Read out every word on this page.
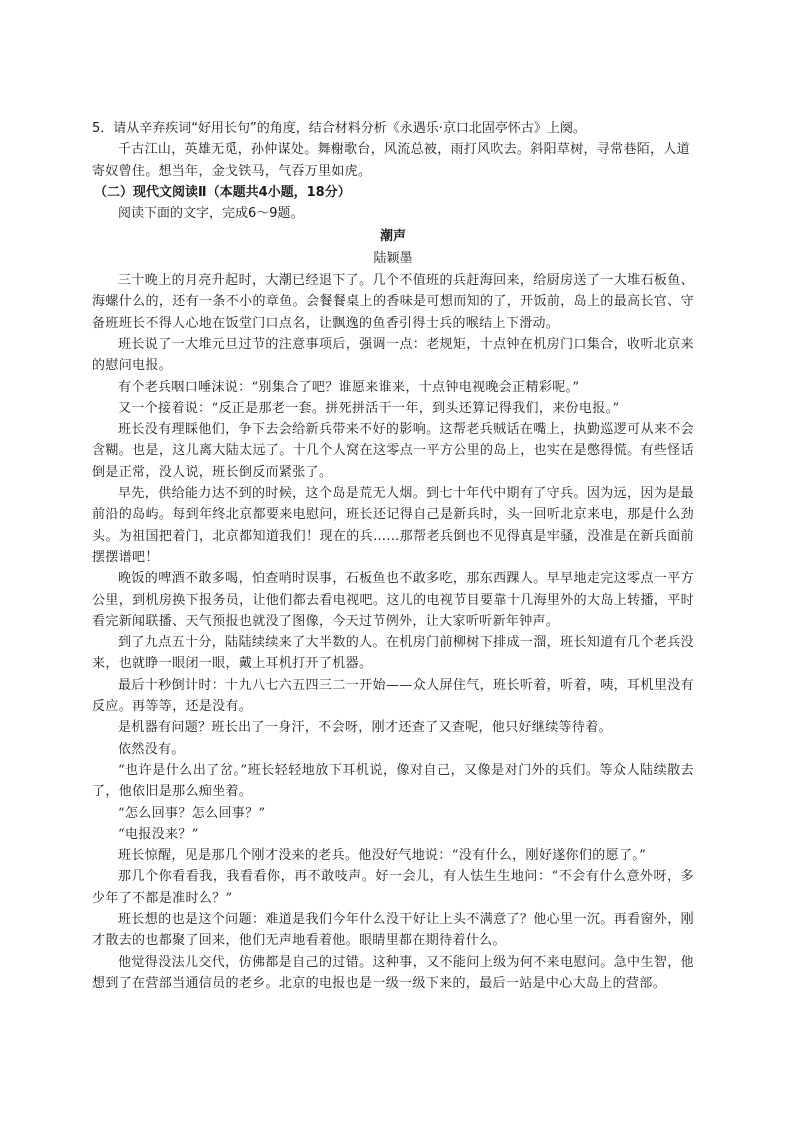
5．请从辛弃疾词“好用长句”的角度，结合材料分析《永遇乐·京口北固亭怀古》上阕。

千古江山，英雄无觅，孙仲谋处。舞榭歌台，风流总被，雨打风吹去。斜阳草树，寻常巷陌，人道寄奴曾住。想当年，金戈铁马，气吞万里如虎。

（二）现代文阅读Ⅱ（本题共4小题，18分）

阅读下面的文字，完成6～9题。

潮声

陆颖墨

三十晚上的月亮升起时，大潮已经退下了。几个不值班的兵赶海回来，给厨房送了一大堆石板鱼、海螺什么的，还有一条不小的章鱼。会餐餐桌上的香味是可想而知的了，开饭前，岛上的最高长官、守备班班长不得人心地在饭堂门口点名，让飘逸的鱼香引得士兵的喉结上下滑动。

班长说了一大堆元旦过节的注意事项后，强调一点：老规矩，十点钟在机房门口集合，收听北京来的慰问电报。

有个老兵咽口唾沫说：“别集合了吧？谁愿来谁来，十点钟电视晚会正精彩呢。”

又一个接着说：“反正是那老一套。拼死拼活干一年，到头还算记得我们，来份电报。”

班长没有理睬他们，争下去会给新兵带来不好的影响。这帮老兵贼话在嘴上，执勤巡逻可从来不会含糊。也是，这儿离大陆太远了。十几个人窝在这零点一平方公里的岛上，也实在是憋得慌。有些怪话倒是正常，没人说，班长倒反而紧张了。

早先，供给能力达不到的时候，这个岛是荒无人烟。到七十年代中期有了守兵。因为远，因为是最前沿的岛屿。每到年终北京都要来电慰问，班长还记得自己是新兵时，头一回听北京来电，那是什么劲头。为祖国把着门，北京都知道我们！现在的兵……那帮老兵倒也不见得真是牢骚，没准是在新兵面前摆摆谱吧！

晚饭的啤酒不敢多喝，怕查哨时误事，石板鱼也不敢多吃，那东西踝人。早早地走完这零点一平方公里，到机房换下报务员，让他们都去看电视吧。这儿的电视节目要靠十几海里外的大岛上转播，平时看完新闻联播、天气预报也就没了图像，今天过节例外，让大家听听新年钟声。

到了九点五十分，陆陆续续来了大半数的人。在机房门前柳树下排成一溜，班长知道有几个老兵没来，也就睁一眼闭一眼，戴上耳机打开了机器。

最后十秒倒计时：十九八七六五四三二一开始——众人屏住气，班长听着，听着，咦，耳机里没有反应。再等等，还是没有。

是机器有问题？班长出了一身汗，不会呀，刚才还查了又查呢，他只好继续等待着。

依然没有。

“也许是什么出了岔。”班长轻轻地放下耳机说，像对自己，又像是对门外的兵们。等众人陆续散去了，他依旧是那么痴坐着。

“怎么回事？怎么回事？”

“电报没来？”

班长惊醒，见是那几个刚才没来的老兵。他没好气地说：“没有什么，刚好遂你们的愿了。”

那几个你看看我，我看看你，再不敢吱声。好一会儿，有人怯生生地问：“不会有什么意外呀，多少年了不都是准时么？”

班长想的也是这个问题：难道是我们今年什么没干好让上头不满意了？他心里一沉。再看窗外，刚才散去的也都聚了回来，他们无声地看着他。眼睛里都在期待着什么。

他觉得没法儿交代，仿佛都是自己的过错。这种事，又不能问上级为何不来电慰问。急中生智，他想到了在营部当通信员的老乡。北京的电报也是一级一级下来的，最后一站是中心大岛上的营部。
